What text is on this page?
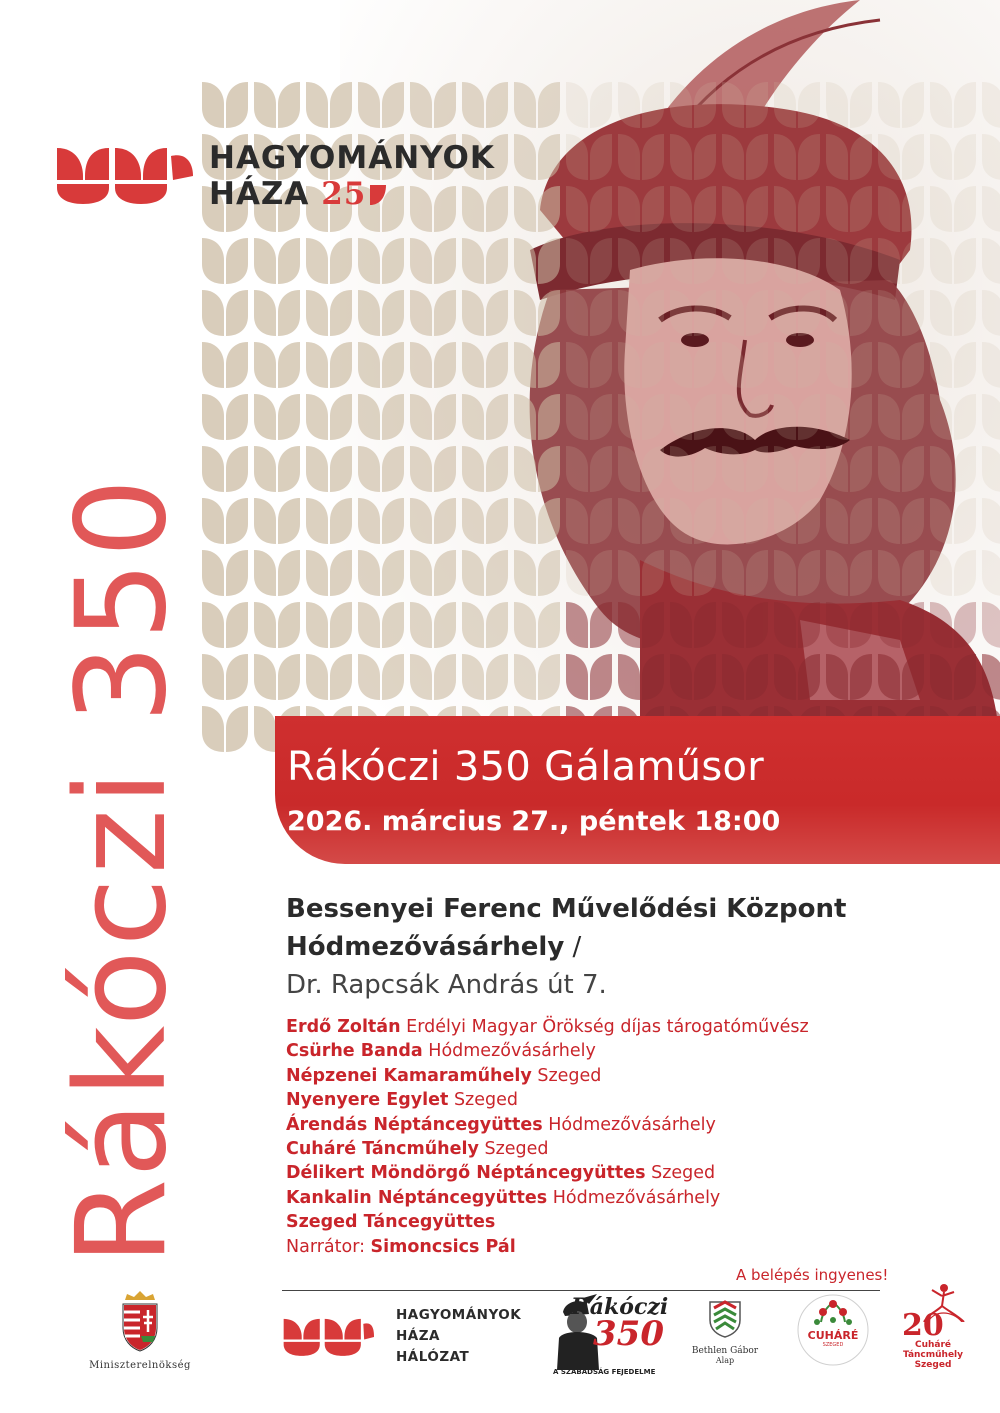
HAGYOMÁNYOK
HÁZA 25
Rákóczi 350 Rákóczi 350 Gálaműsor
2026. március 27., péntek 18:00
Bessenyei Ferenc Művelődési Központ
Hódmezővásárhely /
Dr. Rapcsák András út 7.
Erdő Zoltán Erdélyi Magyar Örökség díjas tárogatóművész
Csürhe Banda Hódmezővásárhely
Népzenei Kamaraműhely Szeged
Nyenyere Egylet Szeged
Árendás Néptáncegyüttes Hódmezővásárhely
Cuháré Táncműhely Szeged
Délikert Möndörgő Néptáncegyüttes Szeged
Kankalin Néptáncegyüttes Hódmezővásárhely
Szeged Táncegyüttes
Narrátor: Simoncsics Pál
A belépés ingyenes!
Miniszterelnökség
HAGYOMÁNYOK
HÁZA
HÁLÓZAT
Rákóczi
350
A SZABADSÁG FEJEDELME
Bethlen Gábor
Alap
CUHÁRÉ
SZEGED
20
Cuháré
Táncműhely
Szeged
